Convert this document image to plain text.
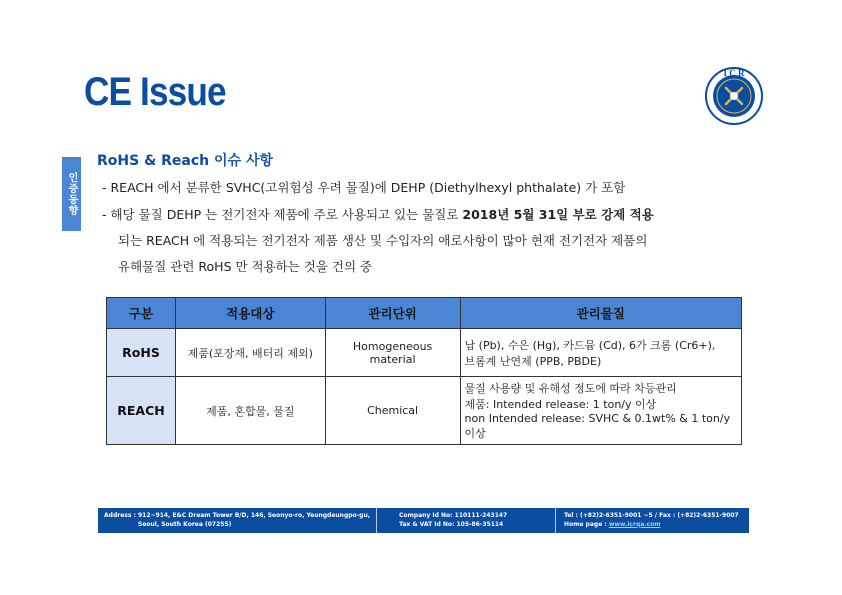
CE Issue	I C R
인증동향
RoHS & Reach 이슈 사항
- REACH 에서 분류한 SVHC(고위험성 우려 물질)에 DEHP (Diethylhexyl phthalate) 가 포함
- 해당 물질 DEHP 는 전기전자 제품에 주로 사용되고 있는 물질로 2018년 5월 31일 부로 강제 적용
되는 REACH 에 적용되는 전기전자 제품 생산 및 수입자의 애로사항이 많아 현재 전기전자 제품의
유해물질 관련 RoHS 만 적용하는 것을 건의 중
구분	적용대상	관리단위	관리물질
RoHS	제품(포장재, 배터리 제외)	Homogeneous material	납 (Pb), 수은 (Hg), 카드뮴 (Cd), 6가 크롬 (Cr6+),
브롬계 난연제 (PPB, PBDE)

REACH	제품, 혼합물, 물질	Chemical	물질 사용량 및 유해성 정도에 따라 차등관리
제품: Intended release: 1 ton/y 이상
non Intended release: SVHC & 0.1wt% & 1 ton/y
이상
Address : 912~914, E&C Dream Tower B/D, 146, Seonyo-ro, Yeongdeungpo-gu,
Seoul, South Korea (07255)
Company Id No: 110111-243147
Tax & VAT Id No: 105-86-35114
Tel : (+82)2-6351-9001 ~5 / Fax : (+82)2-6351-9007
Home page : www.icrqa.com
